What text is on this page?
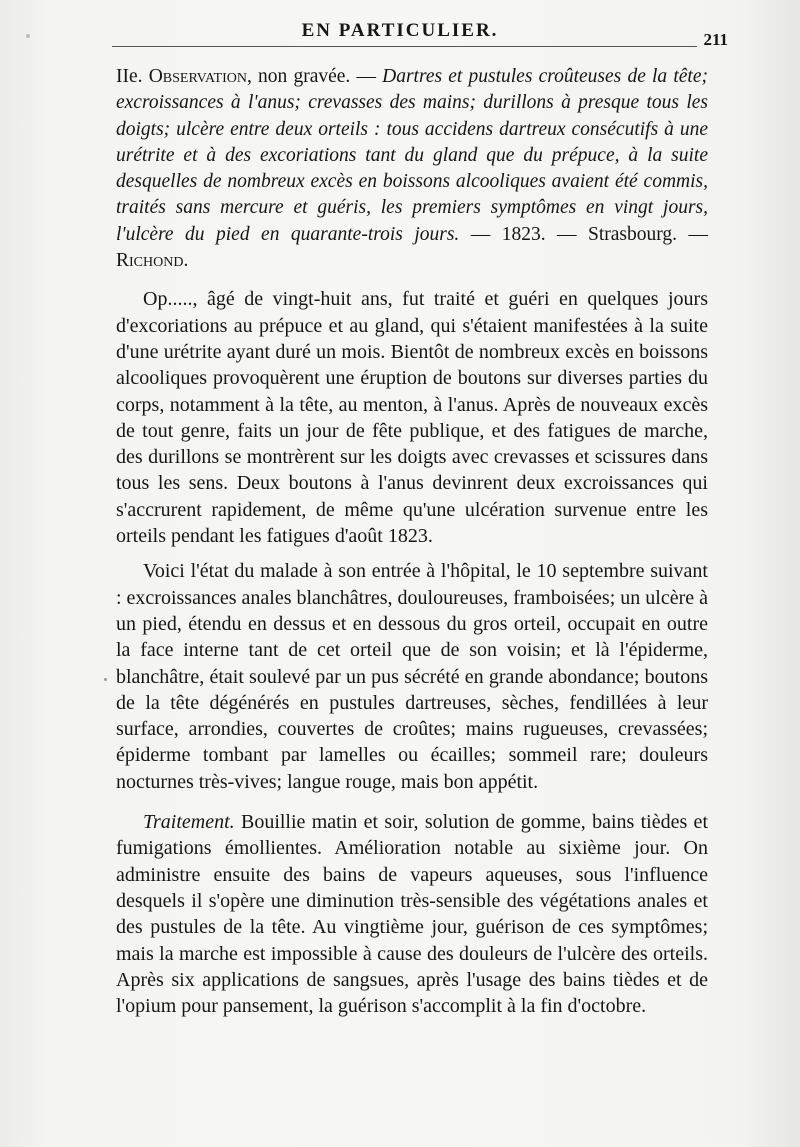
EN PARTICULIER.	211

IIe. Observation, non gravée. — Dartres et pustules croûteuses de la tête; excroissances à l'anus; crevasses des mains; durillons à presque tous les doigts; ulcère entre deux orteils : tous accidens dartreux consécutifs à une urétrite et à des excoriations tant du gland que du prépuce, à la suite desquelles de nombreux excès en boissons alcooliques avaient été commis, traités sans mercure et guéris, les premiers symptômes en vingt jours, l'ulcère du pied en quarante-trois jours. — 1823. — Strasbourg. — Richond.

Op....., âgé de vingt-huit ans, fut traité et guéri en quelques jours d'excoriations au prépuce et au gland, qui s'étaient manifestées à la suite d'une urétrite ayant duré un mois. Bientôt de nombreux excès en boissons alcooliques provoquèrent une éruption de boutons sur diverses parties du corps, notamment à la tête, au menton, à l'anus. Après de nouveaux excès de tout genre, faits un jour de fête publique, et des fatigues de marche, des durillons se montrèrent sur les doigts avec crevasses et scissures dans tous les sens. Deux boutons à l'anus devinrent deux excroissances qui s'accrurent rapidement, de même qu'une ulcération survenue entre les orteils pendant les fatigues d'août 1823.

Voici l'état du malade à son entrée à l'hôpital, le 10 septembre suivant : excroissances anales blanchâtres, douloureuses, framboisées; un ulcère à un pied, étendu en dessus et en dessous du gros orteil, occupait en outre la face interne tant de cet orteil que de son voisin; et là l'épiderme, blanchâtre, était soulevé par un pus sécrété en grande abondance; boutons de la tête dégénérés en pustules dartreuses, sèches, fendillées à leur surface, arrondies, couvertes de croûtes; mains rugueuses, crevassées; épiderme tombant par lamelles ou écailles; sommeil rare; douleurs nocturnes très-vives; langue rouge, mais bon appétit.

Traitement. Bouillie matin et soir, solution de gomme, bains tièdes et fumigations émollientes. Amélioration notable au sixième jour. On administre ensuite des bains de vapeurs aqueuses, sous l'influence desquels il s'opère une diminution très-sensible des végétations anales et des pustules de la tête. Au vingtième jour, guérison de ces symptômes; mais la marche est impossible à cause des douleurs de l'ulcère des orteils. Après six applications de sangsues, après l'usage des bains tièdes et de l'opium pour pansement, la guérison s'accomplit à la fin d'octobre.
